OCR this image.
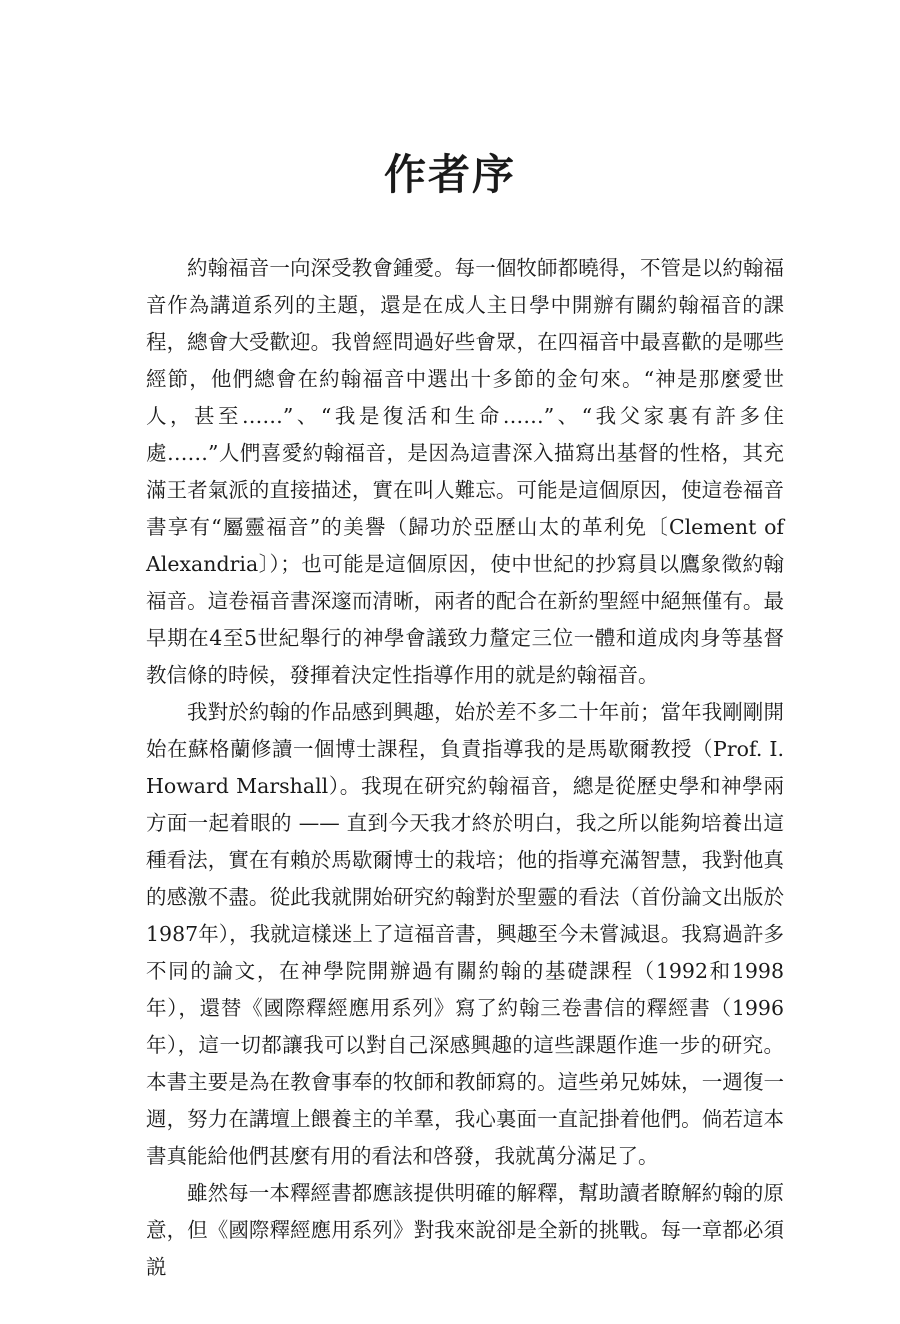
作者序

約翰福音一向深受教會鍾愛。每一個牧師都曉得，不管是以約翰福音作為講道系列的主題，還是在成人主日學中開辦有關約翰福音的課程，總會大受歡迎。我曾經問過好些會眾，在四福音中最喜歡的是哪些經節，他們總會在約翰福音中選出十多節的金句來。“神是那麼愛世人，甚至……”、“我是復活和生命……”、“我父家裏有許多住處……”人們喜愛約翰福音，是因為這書深入描寫出基督的性格，其充滿王者氣派的直接描述，實在叫人難忘。可能是這個原因，使這卷福音書享有“屬靈福音”的美譽（歸功於亞歷山太的革利免〔Clement of Alexandria〕）；也可能是這個原因，使中世紀的抄寫員以鷹象徵約翰福音。這卷福音書深邃而清晰，兩者的配合在新約聖經中絕無僅有。最早期在4至5世紀舉行的神學會議致力釐定三位一體和道成肉身等基督教信條的時候，發揮着決定性指導作用的就是約翰福音。

我對於約翰的作品感到興趣，始於差不多二十年前；當年我剛剛開始在蘇格蘭修讀一個博士課程，負責指導我的是馬歇爾教授（Prof. I. Howard Marshall）。我現在研究約翰福音，總是從歷史學和神學兩方面一起着眼的 —— 直到今天我才終於明白，我之所以能夠培養出這種看法，實在有賴於馬歇爾博士的栽培；他的指導充滿智慧，我對他真的感激不盡。從此我就開始研究約翰對於聖靈的看法（首份論文出版於1987年），我就這樣迷上了這福音書，興趣至今未嘗減退。我寫過許多不同的論文，在神學院開辦過有關約翰的基礎課程（1992和1998年），還替《國際釋經應用系列》寫了約翰三卷書信的釋經書（1996年），這一切都讓我可以對自己深感興趣的這些課題作進一步的研究。本書主要是為在教會事奉的牧師和教師寫的。這些弟兄姊妹，一週復一週，努力在講壇上餵養主的羊羣，我心裏面一直記掛着他們。倘若這本書真能給他們甚麼有用的看法和啓發，我就萬分滿足了。

雖然每一本釋經書都應該提供明確的解釋，幫助讀者瞭解約翰的原意，但《國際釋經應用系列》對我來說卻是全新的挑戰。每一章都必須説
